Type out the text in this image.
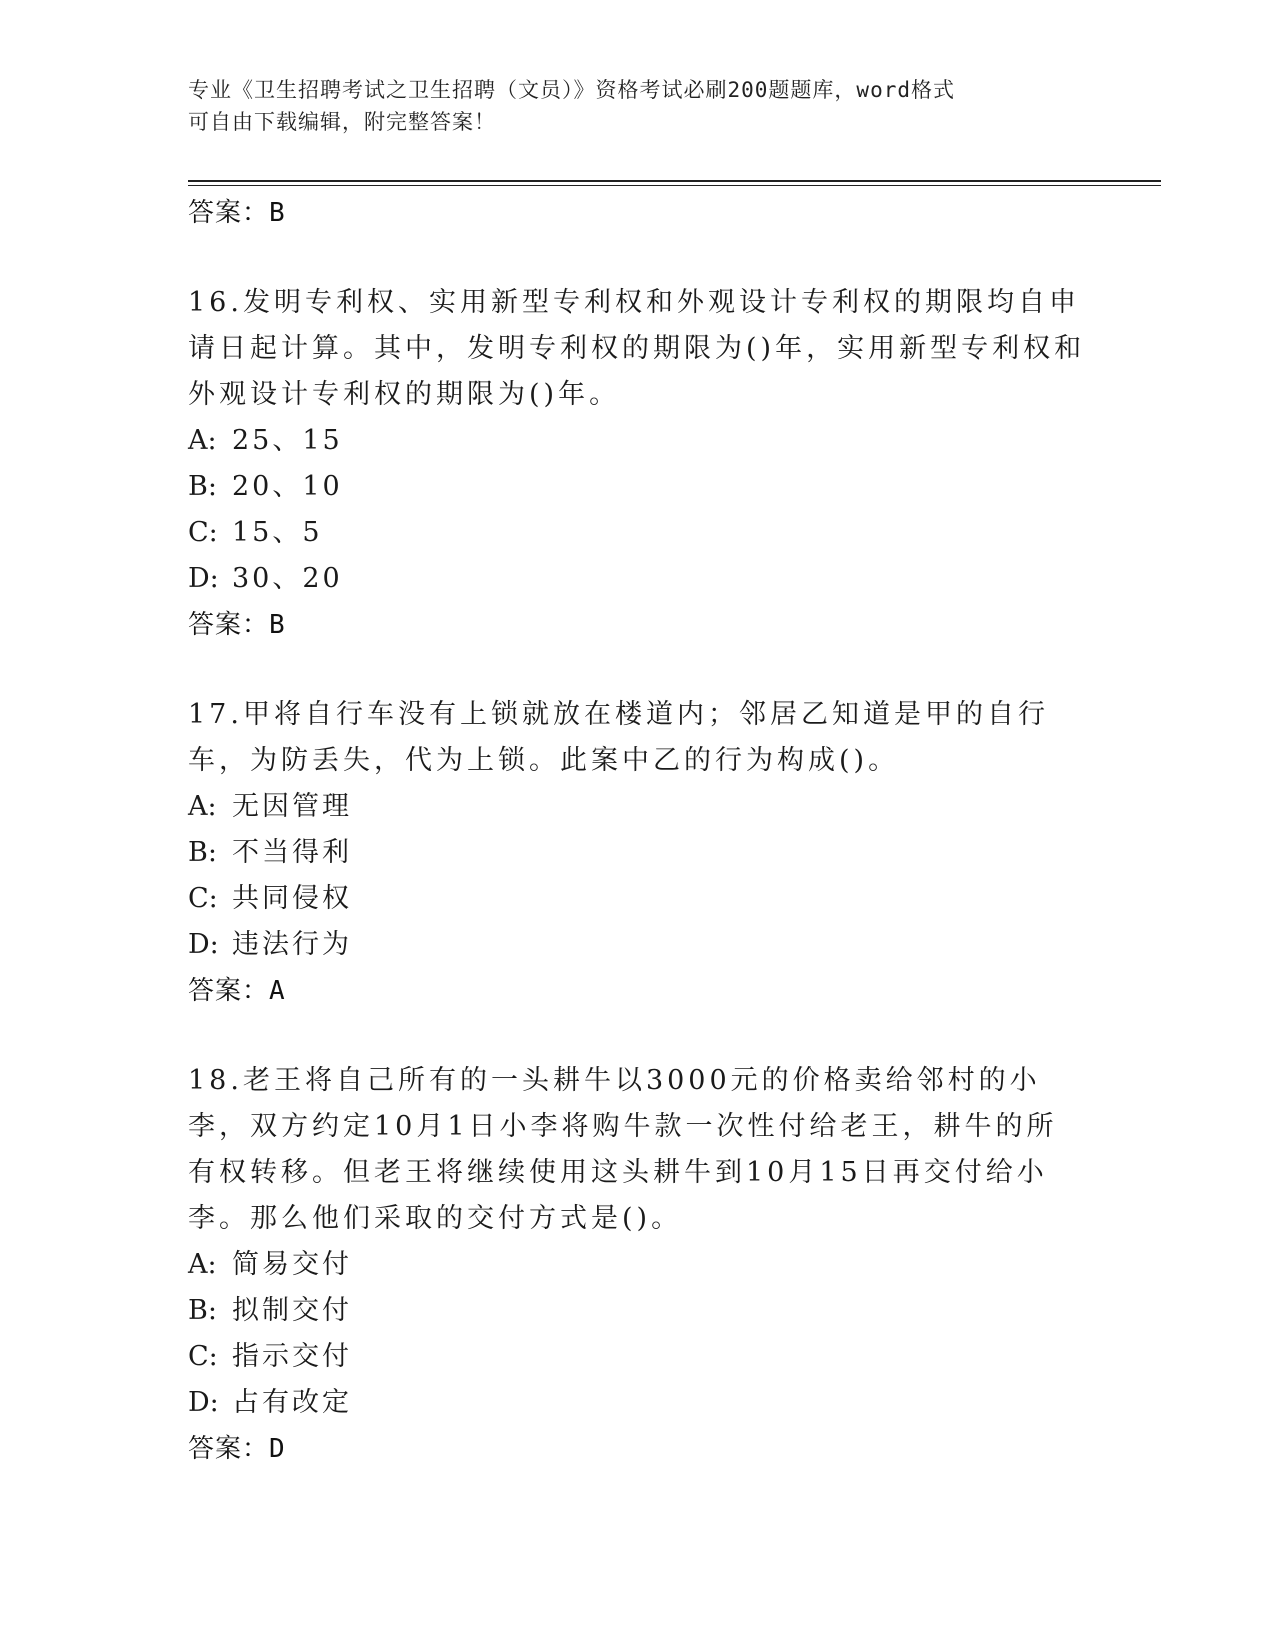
专业《卫生招聘考试之卫生招聘（文员）》资格考试必刷200题题库，word格式
可自由下载编辑，附完整答案！
答案：B
16.发明专利权、实用新型专利权和外观设计专利权的期限均自申请日起计算。其中，发明专利权的期限为()年，实用新型专利权和外观设计专利权的期限为()年。
A: 25、15
B: 20、10
C: 15、5
D: 30、20
答案：B
17.甲将自行车没有上锁就放在楼道内；邻居乙知道是甲的自行车，为防丢失，代为上锁。此案中乙的行为构成()。
A: 无因管理
B: 不当得利
C: 共同侵权
D: 违法行为
答案：A
18.老王将自己所有的一头耕牛以3000元的价格卖给邻村的小李，双方约定10月1日小李将购牛款一次性付给老王，耕牛的所有权转移。但老王将继续使用这头耕牛到10月15日再交付给小李。那么他们采取的交付方式是()。
A: 简易交付
B: 拟制交付
C: 指示交付
D: 占有改定
答案：D
